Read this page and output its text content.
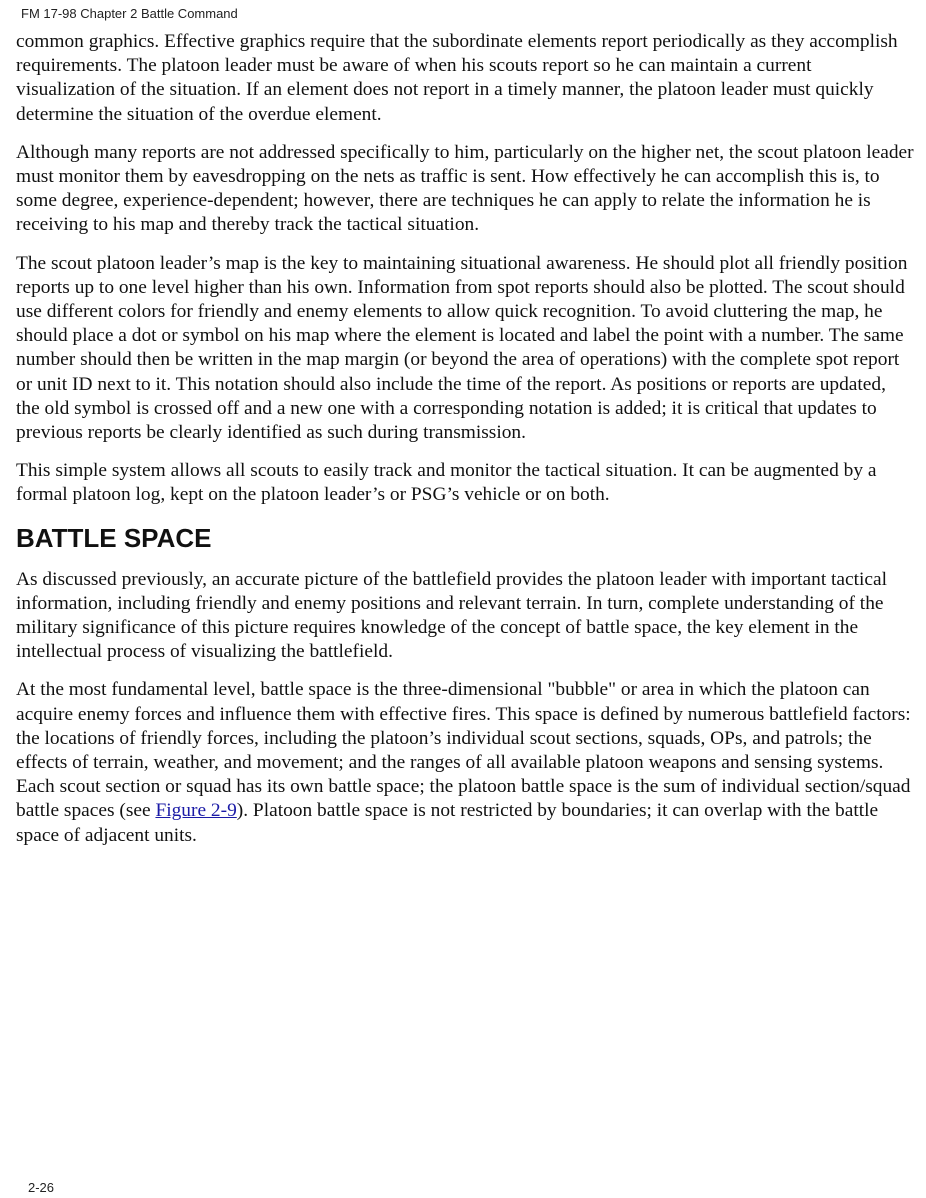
FM 17-98 Chapter 2 Battle Command

common graphics. Effective graphics require that the subordinate elements report periodically as they accomplish requirements. The platoon leader must be aware of when his scouts report so he can maintain a current visualization of the situation. If an element does not report in a timely manner, the platoon leader must quickly determine the situation of the overdue element.

Although many reports are not addressed specifically to him, particularly on the higher net, the scout platoon leader must monitor them by eavesdropping on the nets as traffic is sent. How effectively he can accomplish this is, to some degree, experience-dependent; however, there are techniques he can apply to relate the information he is receiving to his map and thereby track the tactical situation.

The scout platoon leader’s map is the key to maintaining situational awareness. He should plot all friendly position reports up to one level higher than his own. Information from spot reports should also be plotted. The scout should use different colors for friendly and enemy elements to allow quick recognition. To avoid cluttering the map, he should place a dot or symbol on his map where the element is located and label the point with a number. The same number should then be written in the map margin (or beyond the area of operations) with the complete spot report or unit ID next to it. This notation should also include the time of the report. As positions or reports are updated, the old symbol is crossed off and a new one with a corresponding notation is added; it is critical that updates to previous reports be clearly identified as such during transmission.

This simple system allows all scouts to easily track and monitor the tactical situation. It can be augmented by a formal platoon log, kept on the platoon leader’s or PSG’s vehicle or on both.

BATTLE SPACE

As discussed previously, an accurate picture of the battlefield provides the platoon leader with important tactical information, including friendly and enemy positions and relevant terrain. In turn, complete understanding of the military significance of this picture requires knowledge of the concept of battle space, the key element in the intellectual process of visualizing the battlefield.

At the most fundamental level, battle space is the three-dimensional "bubble" or area in which the platoon can acquire enemy forces and influence them with effective fires. This space is defined by numerous battlefield factors: the locations of friendly forces, including the platoon’s individual scout sections, squads, OPs, and patrols; the effects of terrain, weather, and movement; and the ranges of all available platoon weapons and sensing systems. Each scout section or squad has its own battle space; the platoon battle space is the sum of individual section/squad battle spaces (see Figure 2-9). Platoon battle space is not restricted by boundaries; it can overlap with the battle space of adjacent units.

2-26
